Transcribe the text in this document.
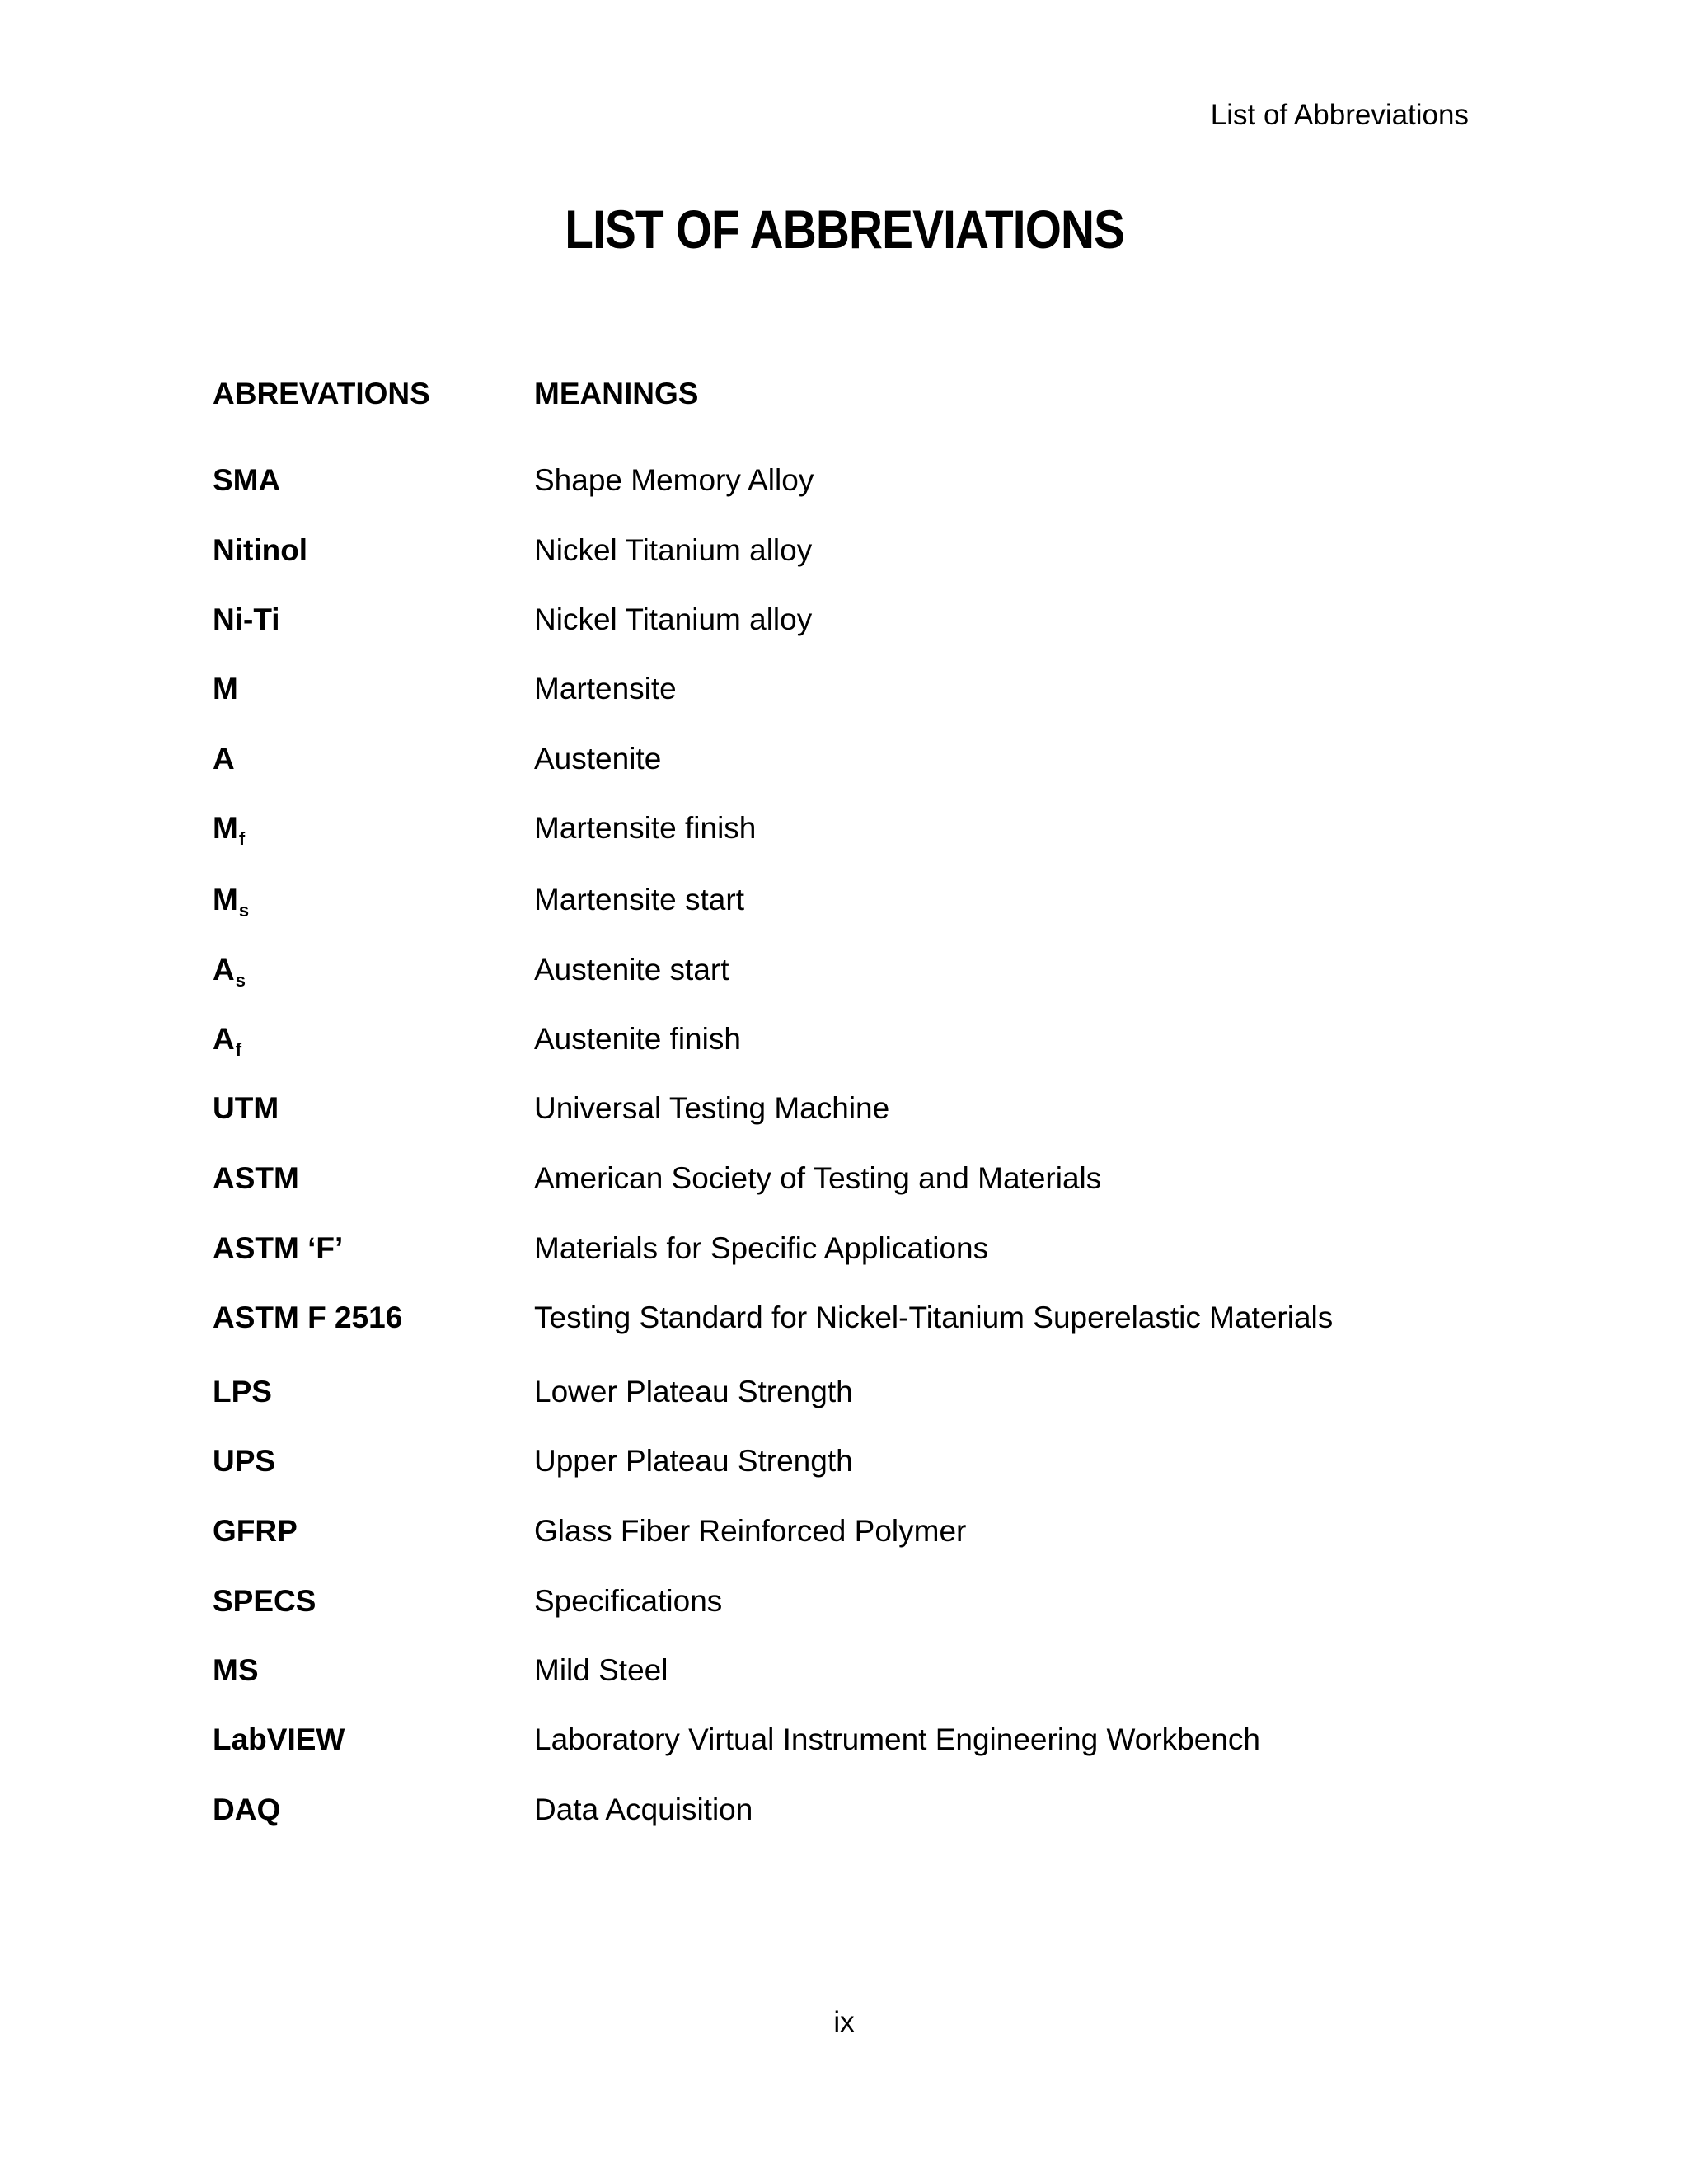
List of Abbreviations
LIST OF ABBREVIATIONS
ABREVATIONS	MEANINGS
SMA	Shape Memory Alloy
Nitinol	Nickel Titanium alloy
Ni-Ti	Nickel Titanium alloy
M	Martensite
A	Austenite
$M_f$	Martensite finish
$M_s$	Martensite start
$A_s$	Austenite start
$A_f$	Austenite finish
UTM	Universal Testing Machine
ASTM	American Society of Testing and Materials
ASTM ‘F’	Materials for Specific Applications
ASTM F 2516	Testing Standard for Nickel-Titanium Superelastic Materials
LPS	Lower Plateau Strength
UPS	Upper Plateau Strength
GFRP	Glass Fiber Reinforced Polymer
SPECS	Specifications
MS	Mild Steel
LabVIEW	Laboratory Virtual Instrument Engineering Workbench
DAQ	Data Acquisition
ix
